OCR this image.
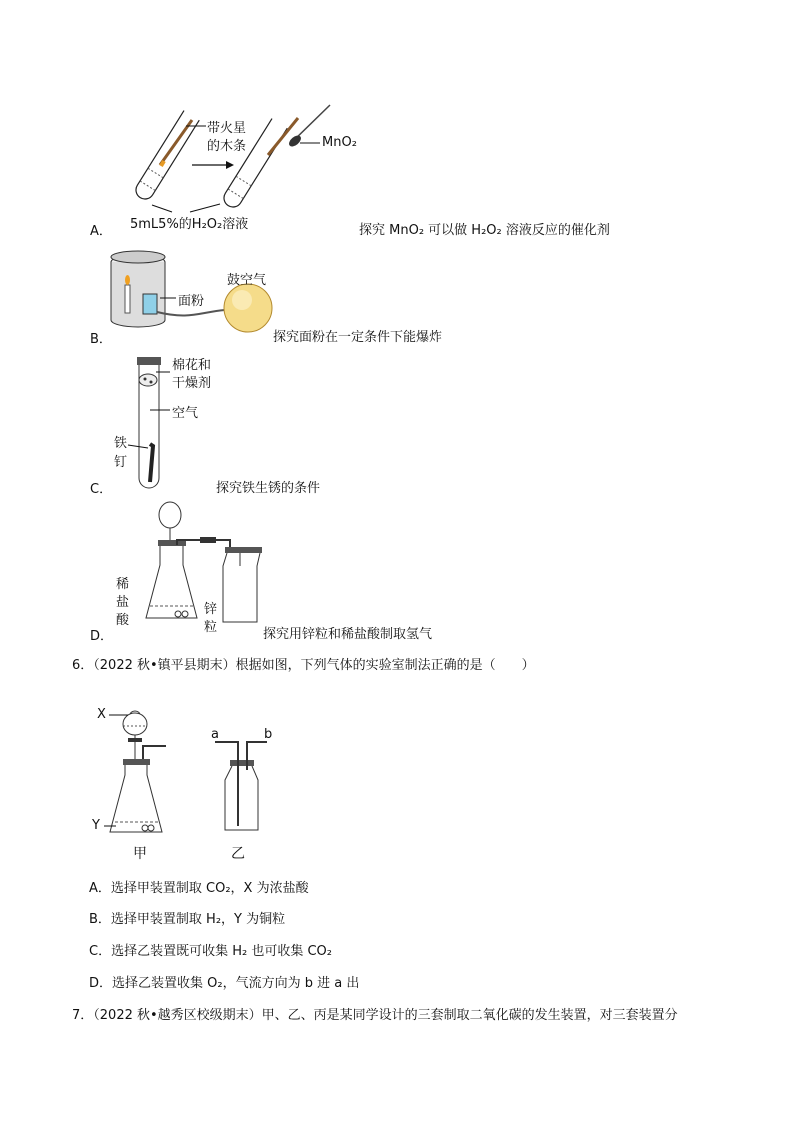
带火星
的木条	MnO₂
5mL5%的H₂O₂溶液
A．	探究 MnO₂ 可以做 H₂O₂ 溶液反应的催化剂
鼓空气
面粉
B．	探究面粉在一定条件下能爆炸
棉花和
干燥剂
空气
铁
钉
C．	探究铁生锈的条件
稀
盐
酸
锌
粒
D．	探究用锌粒和稀盐酸制取氢气
6．（2022 秋•镇平县期末）根据如图，下列气体的实验室制法正确的是（　　）
X
Y
a	b
甲	乙
A．选择甲装置制取 CO₂，X 为浓盐酸
B．选择甲装置制取 H₂，Y 为铜粒
C．选择乙装置既可收集 H₂ 也可收集 CO₂
D．选择乙装置收集 O₂，气流方向为 b 进 a 出
7．（2022 秋•越秀区校级期末）甲、乙、丙是某同学设计的三套制取二氧化碳的发生装置，对三套装置分
